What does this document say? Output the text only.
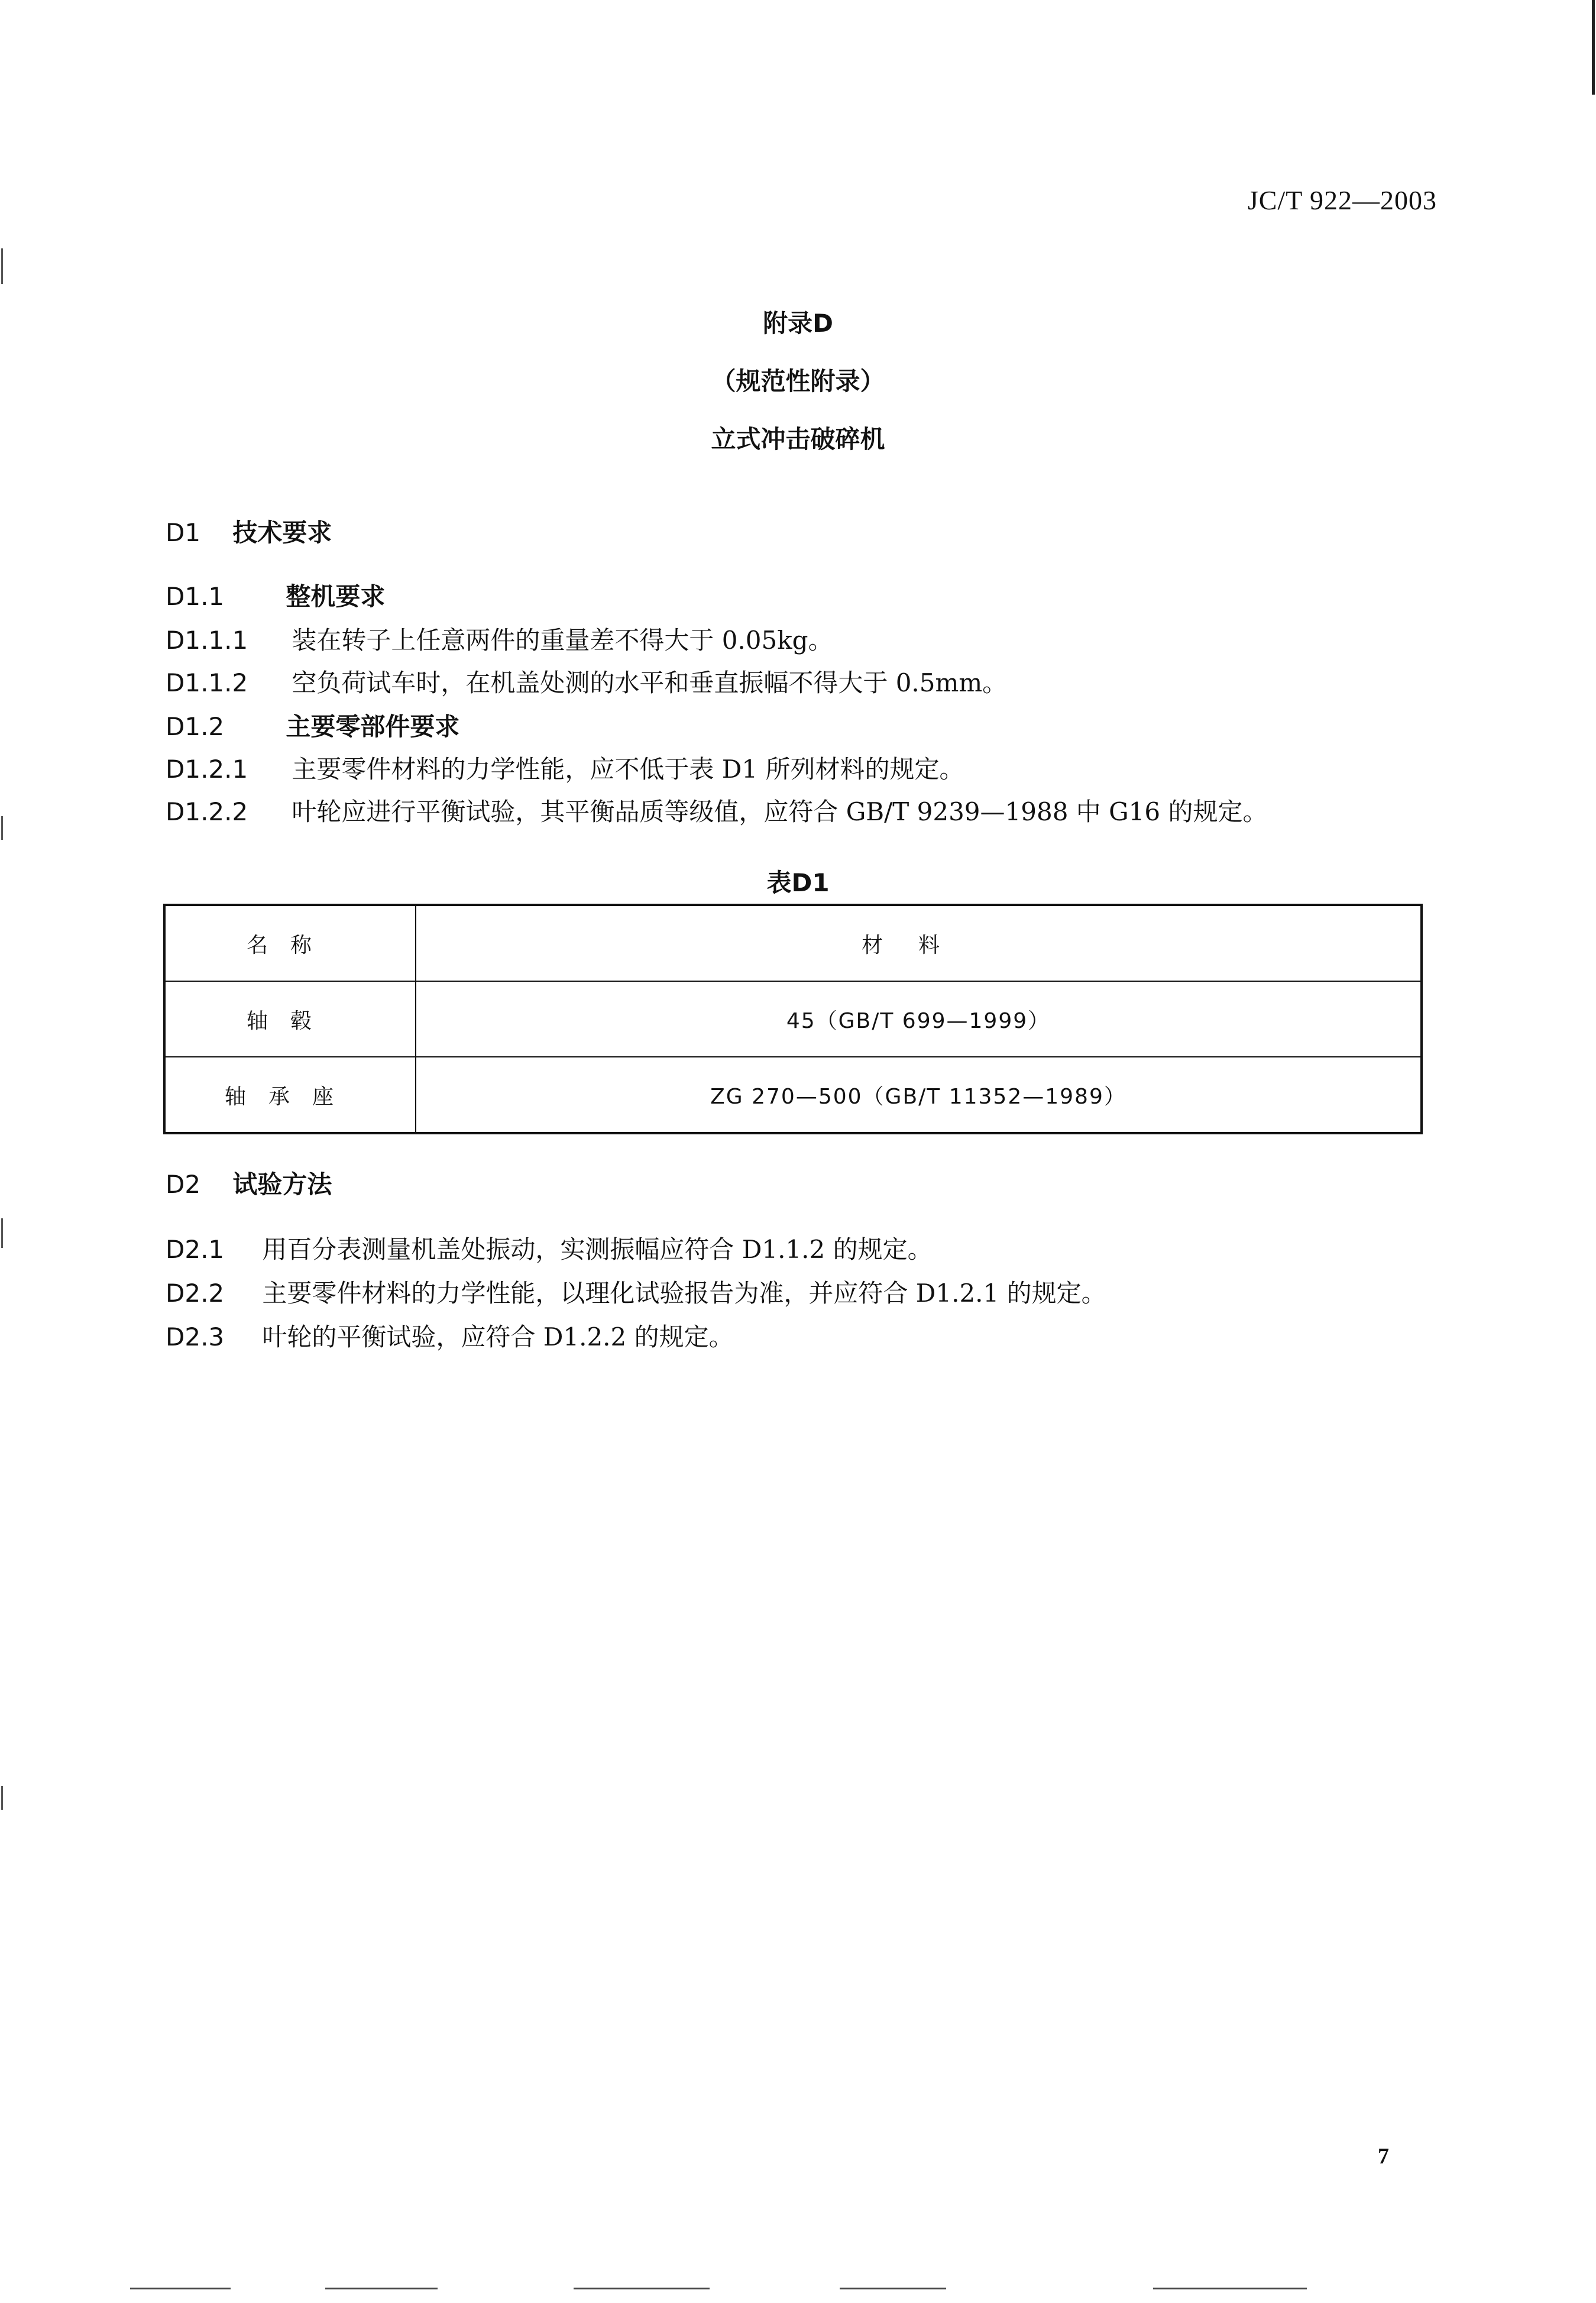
JC/T 922—2003
附录D
（规范性附录）
立式冲击破碎机
D1 技术要求
D1.1 整机要求
D1.1.1 装在转子上任意两件的重量差不得大于 0.05kg。
D1.1.2 空负荷试车时，在机盖处测的水平和垂直振幅不得大于 0.5mm。
D1.2 主要零部件要求
D1.2.1 主要零件材料的力学性能，应不低于表 D1 所列材料的规定。
D1.2.2 叶轮应进行平衡试验，其平衡品质等级值，应符合 GB/T 9239—1988 中 G16 的规定。
表D1
名称	材料
轴毂	45（GB/T 699—1999）
轴承座	ZG 270—500（GB/T 11352—1989）
D2 试验方法
D2.1 用百分表测量机盖处振动，实测振幅应符合 D1.1.2 的规定。
D2.2 主要零件材料的力学性能，以理化试验报告为准，并应符合 D1.2.1 的规定。
D2.3 叶轮的平衡试验，应符合 D1.2.2 的规定。
7
